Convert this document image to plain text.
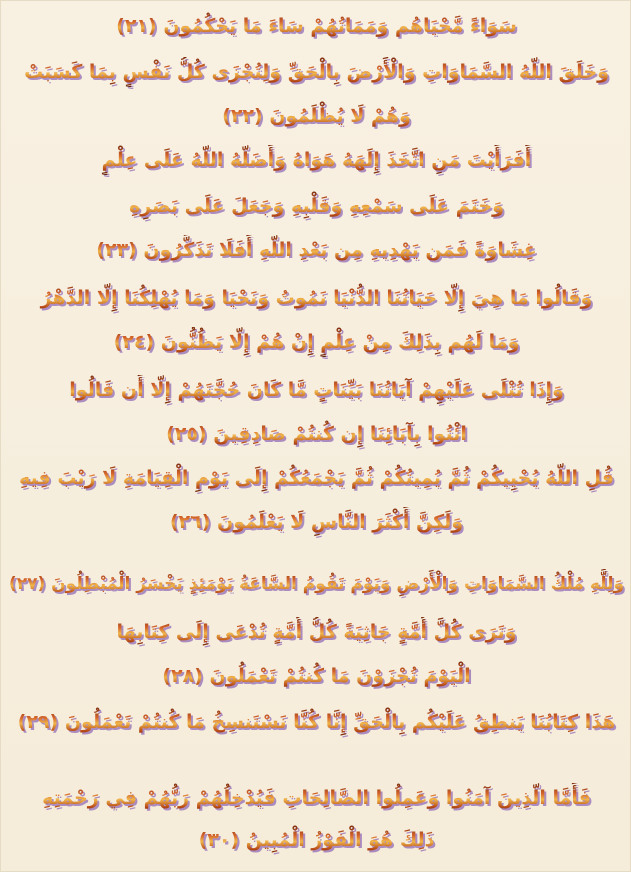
سَوَاءً مَّحْيَاهُم وَمَمَاتُهُمْ سَاءَ مَا يَحْكُمُونَ (٢١)
وَخَلَقَ اللَّهُ السَّمَاوَاتِ وَالْأَرْضَ بِالْحَقِّ وَلِتُجْزَى كُلُّ نَفْسٍ بِمَا كَسَبَتْ
وَهُمْ لَا يُظْلَمُونَ (٢٢)
أَفَرَأَيْتَ مَنِ اتَّخَذَ إِلَهَهُ هَوَاهُ وَأَضَلَّهُ اللَّهُ عَلَى عِلْمٍ
وَخَتَمَ عَلَى سَمْعِهِ وَقَلْبِهِ وَجَعَلَ عَلَى بَصَرِهِ
غِشَاوَةً فَمَن يَهْدِيهِ مِن بَعْدِ اللَّهِ أَفَلَا تَذَكَّرُونَ (٢٣)
وَقَالُوا مَا هِيَ إِلَّا حَيَاتُنَا الدُّنْيَا نَمُوتُ وَنَحْيَا وَمَا يُهْلِكُنَا إِلَّا الدَّهْرُ
وَمَا لَهُم بِذَلِكَ مِنْ عِلْمٍ إِنْ هُمْ إِلَّا يَظُنُّونَ (٢٤)
وَإِذَا تُتْلَى عَلَيْهِمْ آيَاتُنَا بَيِّنَاتٍ مَّا كَانَ حُجَّتَهُمْ إِلَّا أَن قَالُوا
ائْتُوا بِآبَائِنَا إِن كُنتُمْ صَادِقِينَ (٢٥)
قُلِ اللَّهُ يُحْيِيكُمْ ثُمَّ يُمِيتُكُمْ ثُمَّ يَجْمَعُكُمْ إِلَى يَوْمِ الْقِيَامَةِ لَا رَيْبَ فِيهِ
وَلَكِنَّ أَكْثَرَ النَّاسِ لَا يَعْلَمُونَ (٢٦)
وَلِلَّهِ مُلْكُ السَّمَاوَاتِ وَالْأَرْضِ وَيَوْمَ تَقُومُ السَّاعَةُ يَوْمَئِذٍ يَخْسَرُ الْمُبْطِلُونَ (٢٧)
وَتَرَى كُلَّ أُمَّةٍ جَاثِيَةً كُلُّ أُمَّةٍ تُدْعَى إِلَى كِتَابِهَا
الْيَوْمَ تُجْزَوْنَ مَا كُنتُمْ تَعْمَلُونَ (٢٨)
هَذَا كِتَابُنَا يَنطِقُ عَلَيْكُم بِالْحَقِّ إِنَّا كُنَّا نَسْتَنسِخُ مَا كُنتُمْ تَعْمَلُونَ (٢٩)
فَأَمَّا الَّذِينَ آمَنُوا وَعَمِلُوا الصَّالِحَاتِ فَيُدْخِلُهُمْ رَبُّهُمْ فِي رَحْمَتِهِ
ذَلِكَ هُوَ الْفَوْزُ الْمُبِينُ (٣٠)
